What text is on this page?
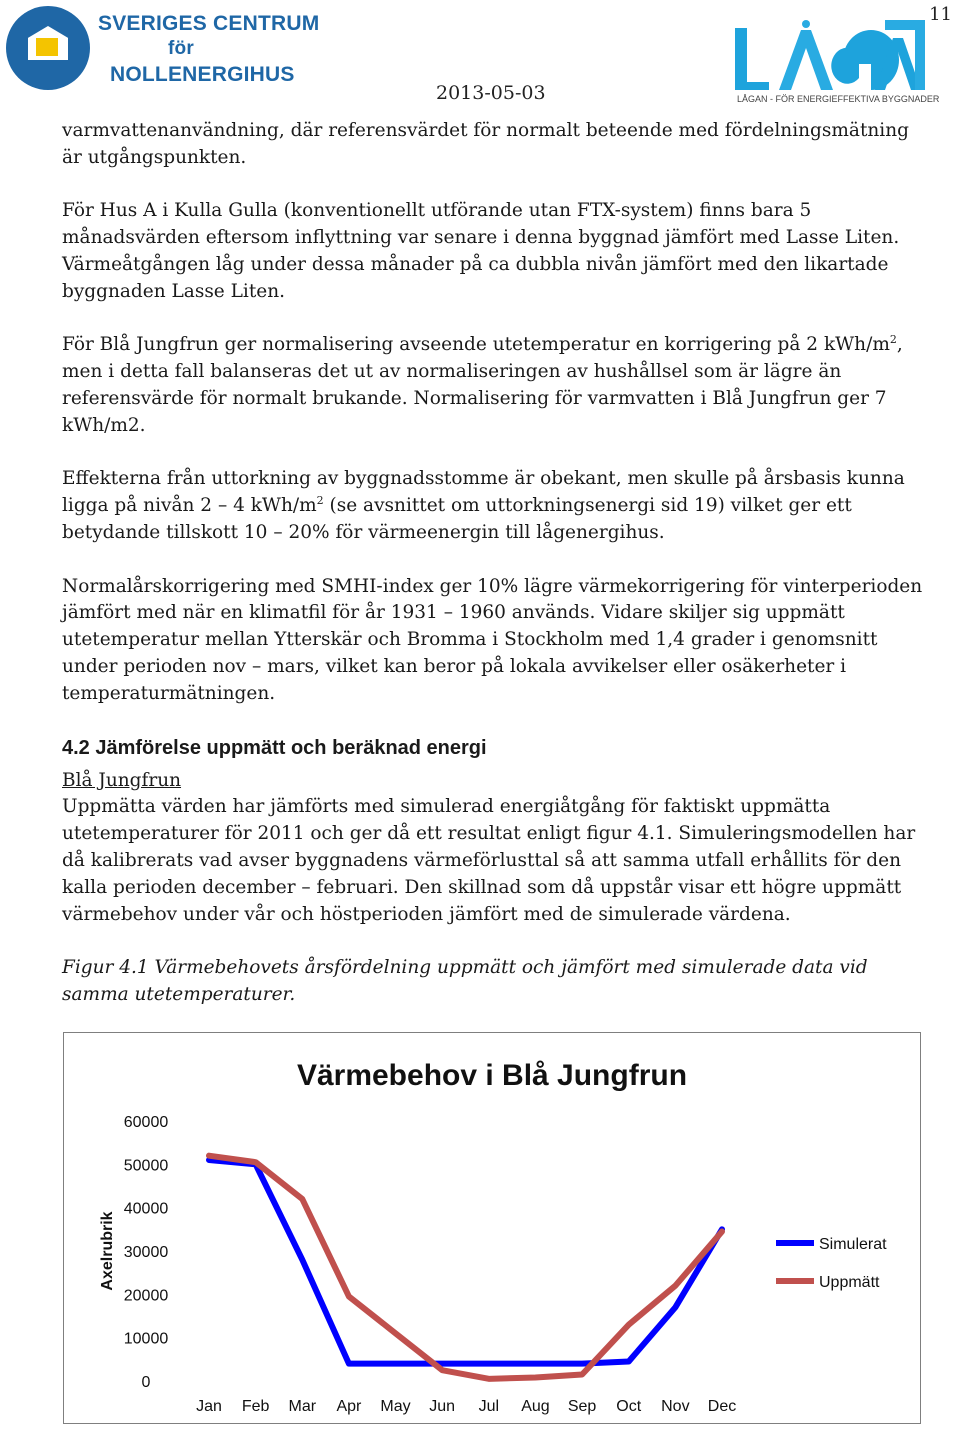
11
SVERIGES CENTRUM
för
NOLLENERGIHUS
LÅGAN - FÖR ENERGIEFFEKTIVA BYGGNADER
2013-05-03

varmvattenanvändning, där referensvärdet för normalt beteende med fördelningsmätning är utgångspunkten.

För Hus A i Kulla Gulla (konventionellt utförande utan FTX-system) finns bara 5 månadsvärden eftersom inflyttning var senare i denna byggnad jämfört med Lasse Liten. Värmeåtgången låg under dessa månader på ca dubbla nivån jämfört med den likartade byggnaden Lasse Liten.

För Blå Jungfrun ger normalisering avseende utetemperatur en korrigering på 2 kWh/$m^2$, men i detta fall balanseras det ut av normaliseringen av hushållsel som är lägre än referensvärde för normalt brukande. Normalisering för varmvatten i Blå Jungfrun ger 7 kWh/m2.

Effekterna från uttorkning av byggnadsstomme är obekant, men skulle på årsbasis kunna ligga på nivån 2 – 4 kWh/$m^2$ (se avsnittet om uttorkningsenergi sid 19) vilket ger ett betydande tillskott 10 – 20% för värmeenergin till lågenergihus.

Normalårskorrigering med SMHI-index ger 10% lägre värmekorrigering för vinterperioden jämfört med när en klimatfil för år 1931 – 1960 används. Vidare skiljer sig uppmätt utetemperatur mellan Ytterskär och Bromma i Stockholm med 1,4 grader i genomsnitt under perioden nov – mars, vilket kan beror på lokala avvikelser eller osäkerheter i temperaturmätningen.

4.2 Jämförelse uppmätt och beräknad energi
Blå Jungfrun

Uppmätta värden har jämförts med simulerad energiåtgång för faktiskt uppmätta utetemperaturer för 2011 och ger då ett resultat enligt figur 4.1. Simuleringsmodellen har då kalibrerats vad avser byggnadens värmeförlusttal så att samma utfall erhållits för den kalla perioden december – februari. Den skillnad som då uppstår visar ett högre uppmätt värmebehov under vår och höstperioden jämfört med de simulerade värdena.

Figur 4.1 Värmebehovets årsfördelning uppmätt och jämfört med simulerade data vid samma utetemperaturer.

Värmebehov i Blå Jungfrun
Axelrubrik
0
10000
20000
30000
40000
50000
60000
Jan Feb Mar Apr May Jun Jul Aug Sep Oct Nov Dec
Simulerat
Uppmätt
